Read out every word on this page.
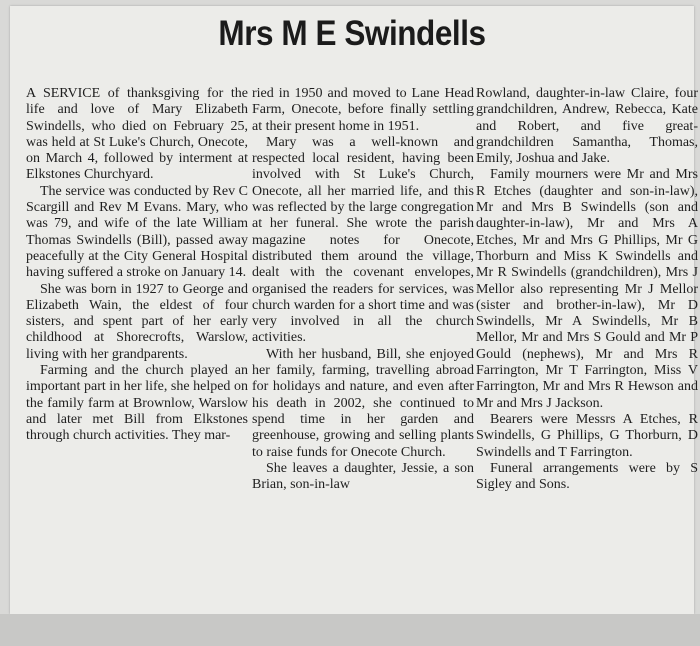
Mrs M E Swindells

A SERVICE of thanksgiving for the life and love of Mary Elizabeth Swindells, who died on February 25, was held at St Luke's Church, Onecote, on March 4, followed by interment at Elkstones Churchyard.

The service was conducted by Rev C Scargill and Rev M Evans. Mary, who was 79, and wife of the late William Thomas Swindells (Bill), passed away peacefully at the City General Hospital having suffered a stroke on January 14.

She was born in 1927 to George and Elizabeth Wain, the eldest of four sisters, and spent part of her early childhood at Shorecrofts, Warslow, living with her grandparents.

Farming and the church played an important part in her life, she helped on the family farm at Brownlow, Warslow and later met Bill from Elkstones through church activities. They mar-

ried in 1950 and moved to Lane Head Farm, Onecote, before finally settling at their present home in 1951.

Mary was a well-known and respected local resident, having been involved with St Luke's Church, Onecote, all her married life, and this was reflected by the large congregation at her funeral. She wrote the parish magazine notes for Onecote, distributed them around the village, dealt with the covenant envelopes, organised the readers for services, was church warden for a short time and was very involved in all the church activities.

With her husband, Bill, she enjoyed her family, farming, travelling abroad for holidays and nature, and even after his death in 2002, she continued to spend time in her garden and greenhouse, growing and selling plants to raise funds for Onecote Church.

She leaves a daughter, Jessie, a son Brian, son-in-law

Rowland, daughter-in-law Claire, four grandchildren, Andrew, Rebecca, Kate and Robert, and five great-grandchildren Samantha, Thomas, Emily, Joshua and Jake.

Family mourners were Mr and Mrs R Etches (daughter and son-in-law), Mr and Mrs B Swindells (son and daughter-in-law), Mr and Mrs A Etches, Mr and Mrs G Phillips, Mr G Thorburn and Miss K Swindells and Mr R Swindells (grandchildren), Mrs J Mellor also representing Mr J Mellor (sister and brother-in-law), Mr D Swindells, Mr A Swindells, Mr B Mellor, Mr and Mrs S Gould and Mr P Gould (nephews), Mr and Mrs R Farrington, Mr T Farrington, Miss V Farrington, Mr and Mrs R Hewson and Mr and Mrs J Jackson.

Bearers were Messrs A Etches, R Swindells, G Phillips, G Thorburn, D Swindells and T Farrington.

Funeral arrangements were by S Sigley and Sons.
